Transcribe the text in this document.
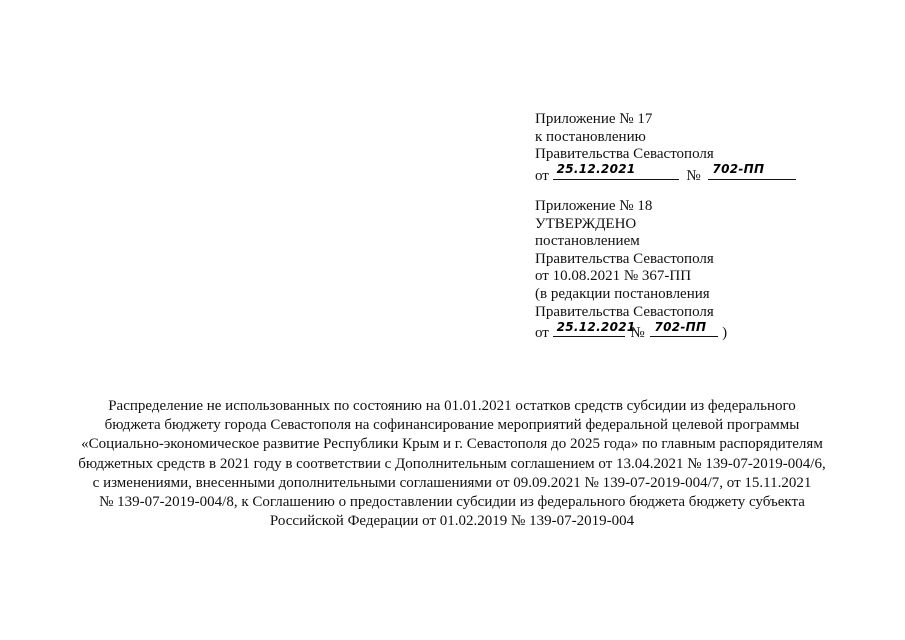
Приложение № 17
к постановлению
Правительства Севастополя
от 25.12.2021	№ 702-ПП
Приложение № 18
УТВЕРЖДЕНО
постановлением
Правительства Севастополя
от 10.08.2021 № 367-ПП
(в редакции постановления
Правительства Севастополя
от 25.12.2021
№ 702-ПП )
Распределение не использованных по состоянию на 01.01.2021 остатков средств субсидии из федерального
бюджета бюджету города Севастополя на софинансирование мероприятий федеральной целевой программы
«Социально-экономическое развитие Республики Крым и г. Севастополя до 2025 года» по главным распорядителям
бюджетных средств в 2021 году в соответствии с Дополнительным соглашением от 13.04.2021 № 139-07-2019-004/6,
с изменениями, внесенными дополнительными соглашениями от 09.09.2021 № 139-07-2019-004/7, от 15.11.2021
№ 139-07-2019-004/8, к Соглашению о предоставлении субсидии из федерального бюджета бюджету субъекта
Российской Федерации от 01.02.2019 № 139-07-2019-004
